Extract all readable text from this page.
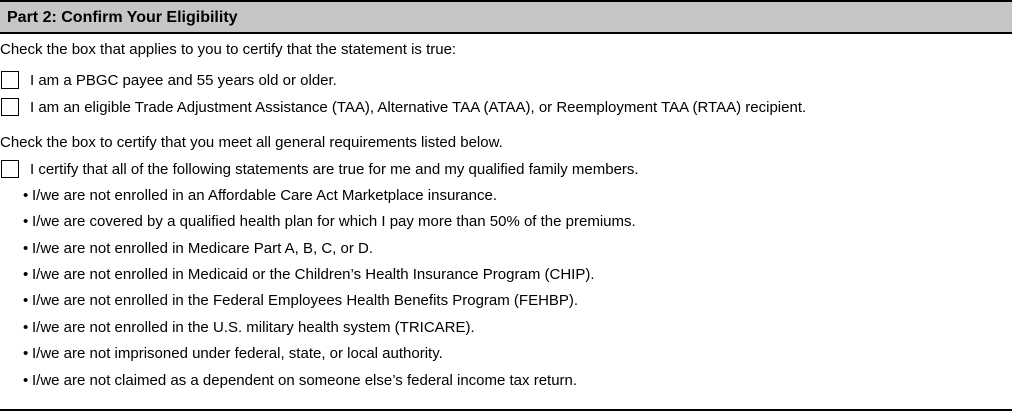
Part 2: Confirm Your Eligibility
Check the box that applies to you to certify that the statement is true:
I am a PBGC payee and 55 years old or older.
I am an eligible Trade Adjustment Assistance (TAA), Alternative TAA (ATAA), or Reemployment TAA (RTAA) recipient.
Check the box to certify that you meet all general requirements listed below.
I certify that all of the following statements are true for me and my qualified family members.
• I/we are not enrolled in an Affordable Care Act Marketplace insurance.
• I/we are covered by a qualified health plan for which I pay more than 50% of the premiums.
• I/we are not enrolled in Medicare Part A, B, C, or D.
• I/we are not enrolled in Medicaid or the Children’s Health Insurance Program (CHIP).
• I/we are not enrolled in the Federal Employees Health Benefits Program (FEHBP).
• I/we are not enrolled in the U.S. military health system (TRICARE).
• I/we are not imprisoned under federal, state, or local authority.
• I/we are not claimed as a dependent on someone else’s federal income tax return.
